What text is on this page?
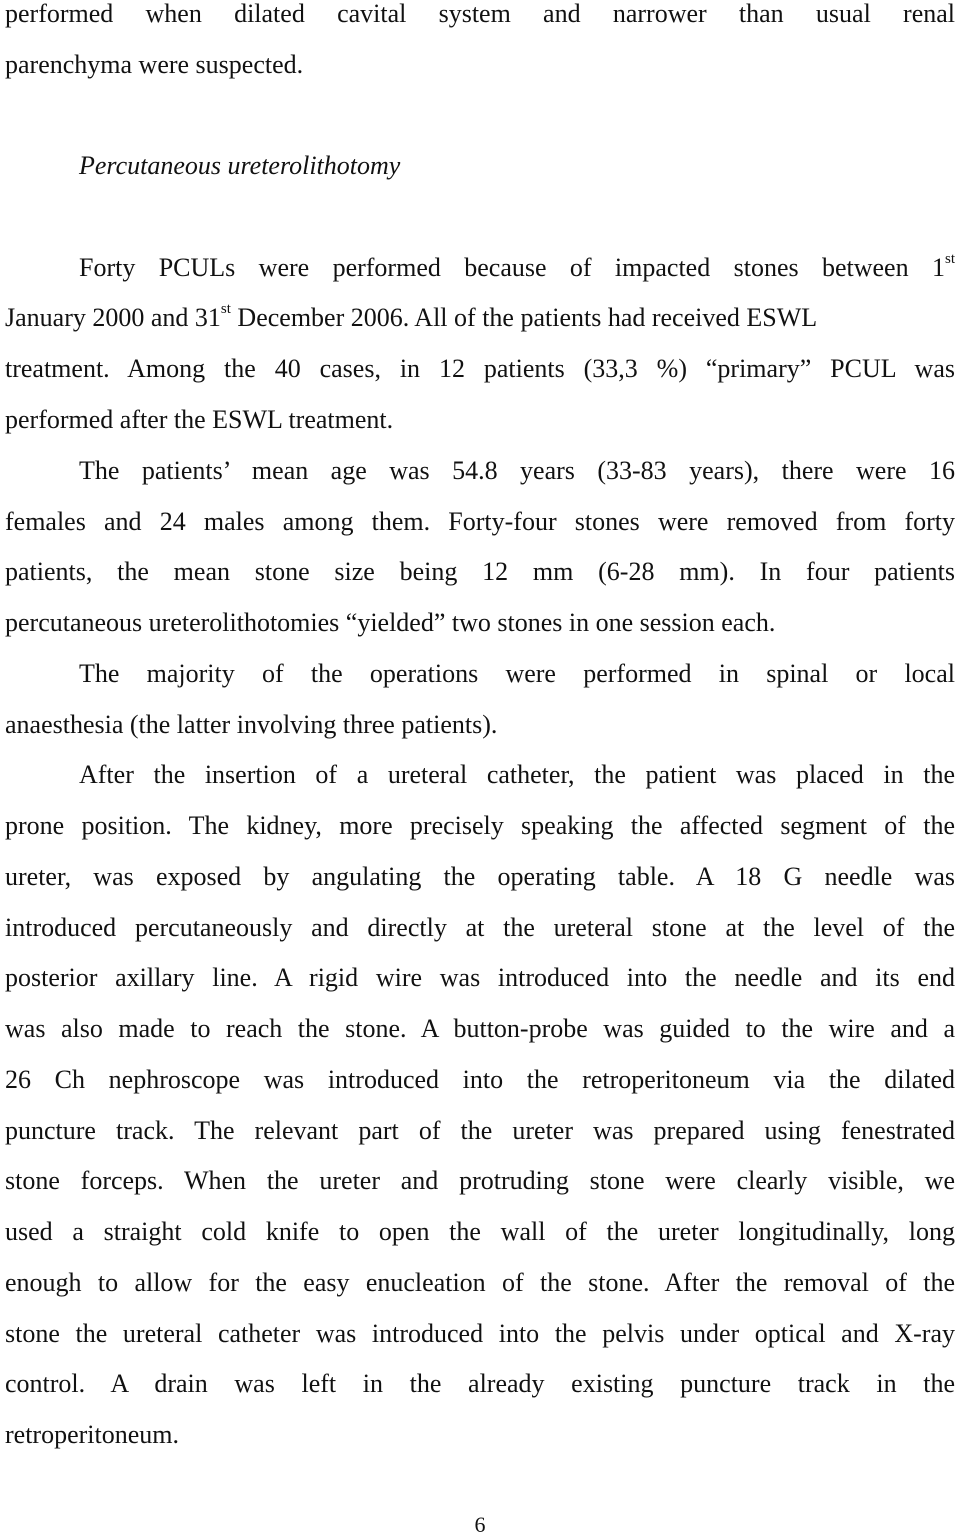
performed when dilated cavital system and narrower than usual renal
parenchyma were suspected.
Percutaneous ureterolithotomy
Forty PCULs were performed because of impacted stones between 1st
January 2000 and 31st December 2006. All of the patients had received ESWL
treatment. Among the 40 cases, in 12 patients (33,3 %) “primary” PCUL was
performed after the ESWL treatment.
The patients’ mean age was 54.8 years (33-83 years), there were 16
females and 24 males among them. Forty-four stones were removed from forty
patients, the mean stone size being 12 mm (6-28 mm). In four patients
percutaneous ureterolithotomies “yielded” two stones in one session each.
The majority of the operations were performed in spinal or local
anaesthesia (the latter involving three patients).
After the insertion of a ureteral catheter, the patient was placed in the
prone position. The kidney, more precisely speaking the affected segment of the
ureter, was exposed by angulating the operating table. A 18 G needle was
introduced percutaneously and directly at the ureteral stone at the level of the
posterior axillary line. A rigid wire was introduced into the needle and its end
was also made to reach the stone. A button-probe was guided to the wire and a
26 Ch nephroscope was introduced into the retroperitoneum via the dilated
puncture track. The relevant part of the ureter was prepared using fenestrated
stone forceps. When the ureter and protruding stone were clearly visible, we
used a straight cold knife to open the wall of the ureter longitudinally, long
enough to allow for the easy enucleation of the stone. After the removal of the
stone the ureteral catheter was introduced into the pelvis under optical and X-ray
control. A drain was left in the already existing puncture track in the
retroperitoneum.
6
